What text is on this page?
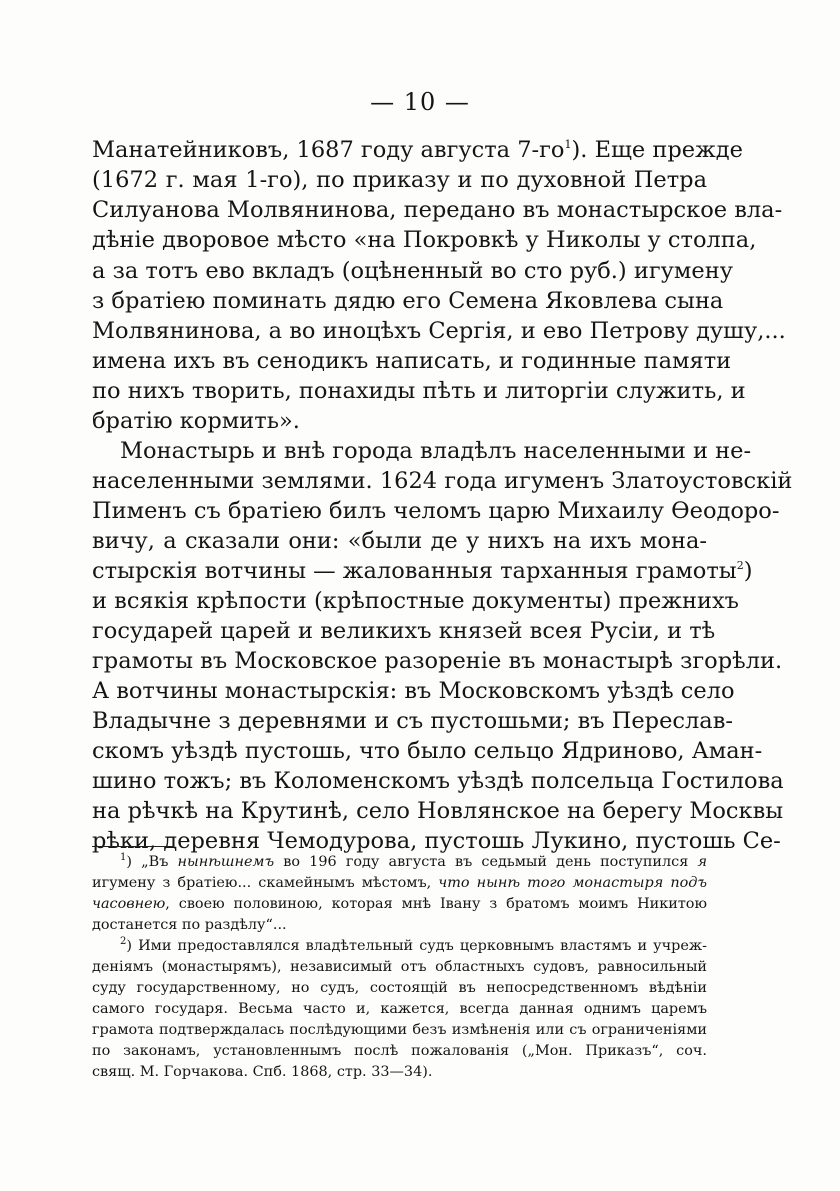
— 10 —
Манатейниковъ, 1687 году августа $7-го^1$). Еще прежде
(1672 г. мая 1-го), по приказу и по духовной Петра
Силуанова Молвянинова, передано въ монастырское вла-
дѣніе дворовое мѣсто «на Покровкѣ у Николы у столпа,
а за тотъ ево вкладъ (оцѣненный во сто руб.) игумену
з братіею поминать дядю его Семена Яковлева сына
Молвянинова, а во иноцѣхъ Сергія, и ево Петрову душу,...
имена ихъ въ сенодикъ написать, и годинные памяти
по нихъ творить, понахиды пѣть и литоргіи служить, и
братію кормить».
Монастырь и внѣ города владѣлъ населенными и не-
населенными землями. 1624 года игуменъ Златоустовскій
Пименъ съ братіею билъ челомъ царю Михаилу Ѳеодоро-
вичу, а сказали они: «были де у нихъ на ихъ мона-
стырскія вотчины — жалованныя тарханныя грамоты$^2$)
и всякія крѣпости (крѣпостные документы) прежнихъ
государей царей и великихъ князей всея Русіи, и тѣ
грамоты въ Московское разореніе въ монастырѣ згорѣли.
А вотчины монастырскія: въ Московскомъ уѣздѣ село
Владычне з деревнями и съ пустошьми; въ Переслав-
скомъ уѣздѣ пустошь, что было сельцо Ядриново, Аман-
шино тожъ; въ Коломенскомъ уѣздѣ полсельца Гостилова
на рѣчкѣ на Крутинѣ, село Новлянское на берегу Москвы
рѣки, деревня Чемодурова, пустошь Лукино, пустошь Се-
$^1$) „Въ нынѣшнемъ во 196 году августа въ седьмый день поступился я
игумену з братіею... скамейнымъ мѣстомъ, что нынѣ того монастыря подъ
часовнею, своею половиною, которая мнѣ Івану з братомъ моимъ Никитою
достанется по раздѣлу“...
$^2$) Ими предоставлялся владѣтельный судъ церковнымъ властямъ и учреж-
деніямъ (монастырямъ), независимый отъ областныхъ судовъ, равносильный
суду государственному, но судъ, состоящій въ непосредственномъ вѣдѣніи
самого государя. Весьма часто и, кажется, всегда данная однимъ царемъ
грамота подтверждалась послѣдующими безъ измѣненія или съ ограниченіями
по законамъ, установленнымъ послѣ пожалованія („Мон. Приказъ“, соч.
свящ. М. Горчакова. Спб. 1868, стр. 33—34).
